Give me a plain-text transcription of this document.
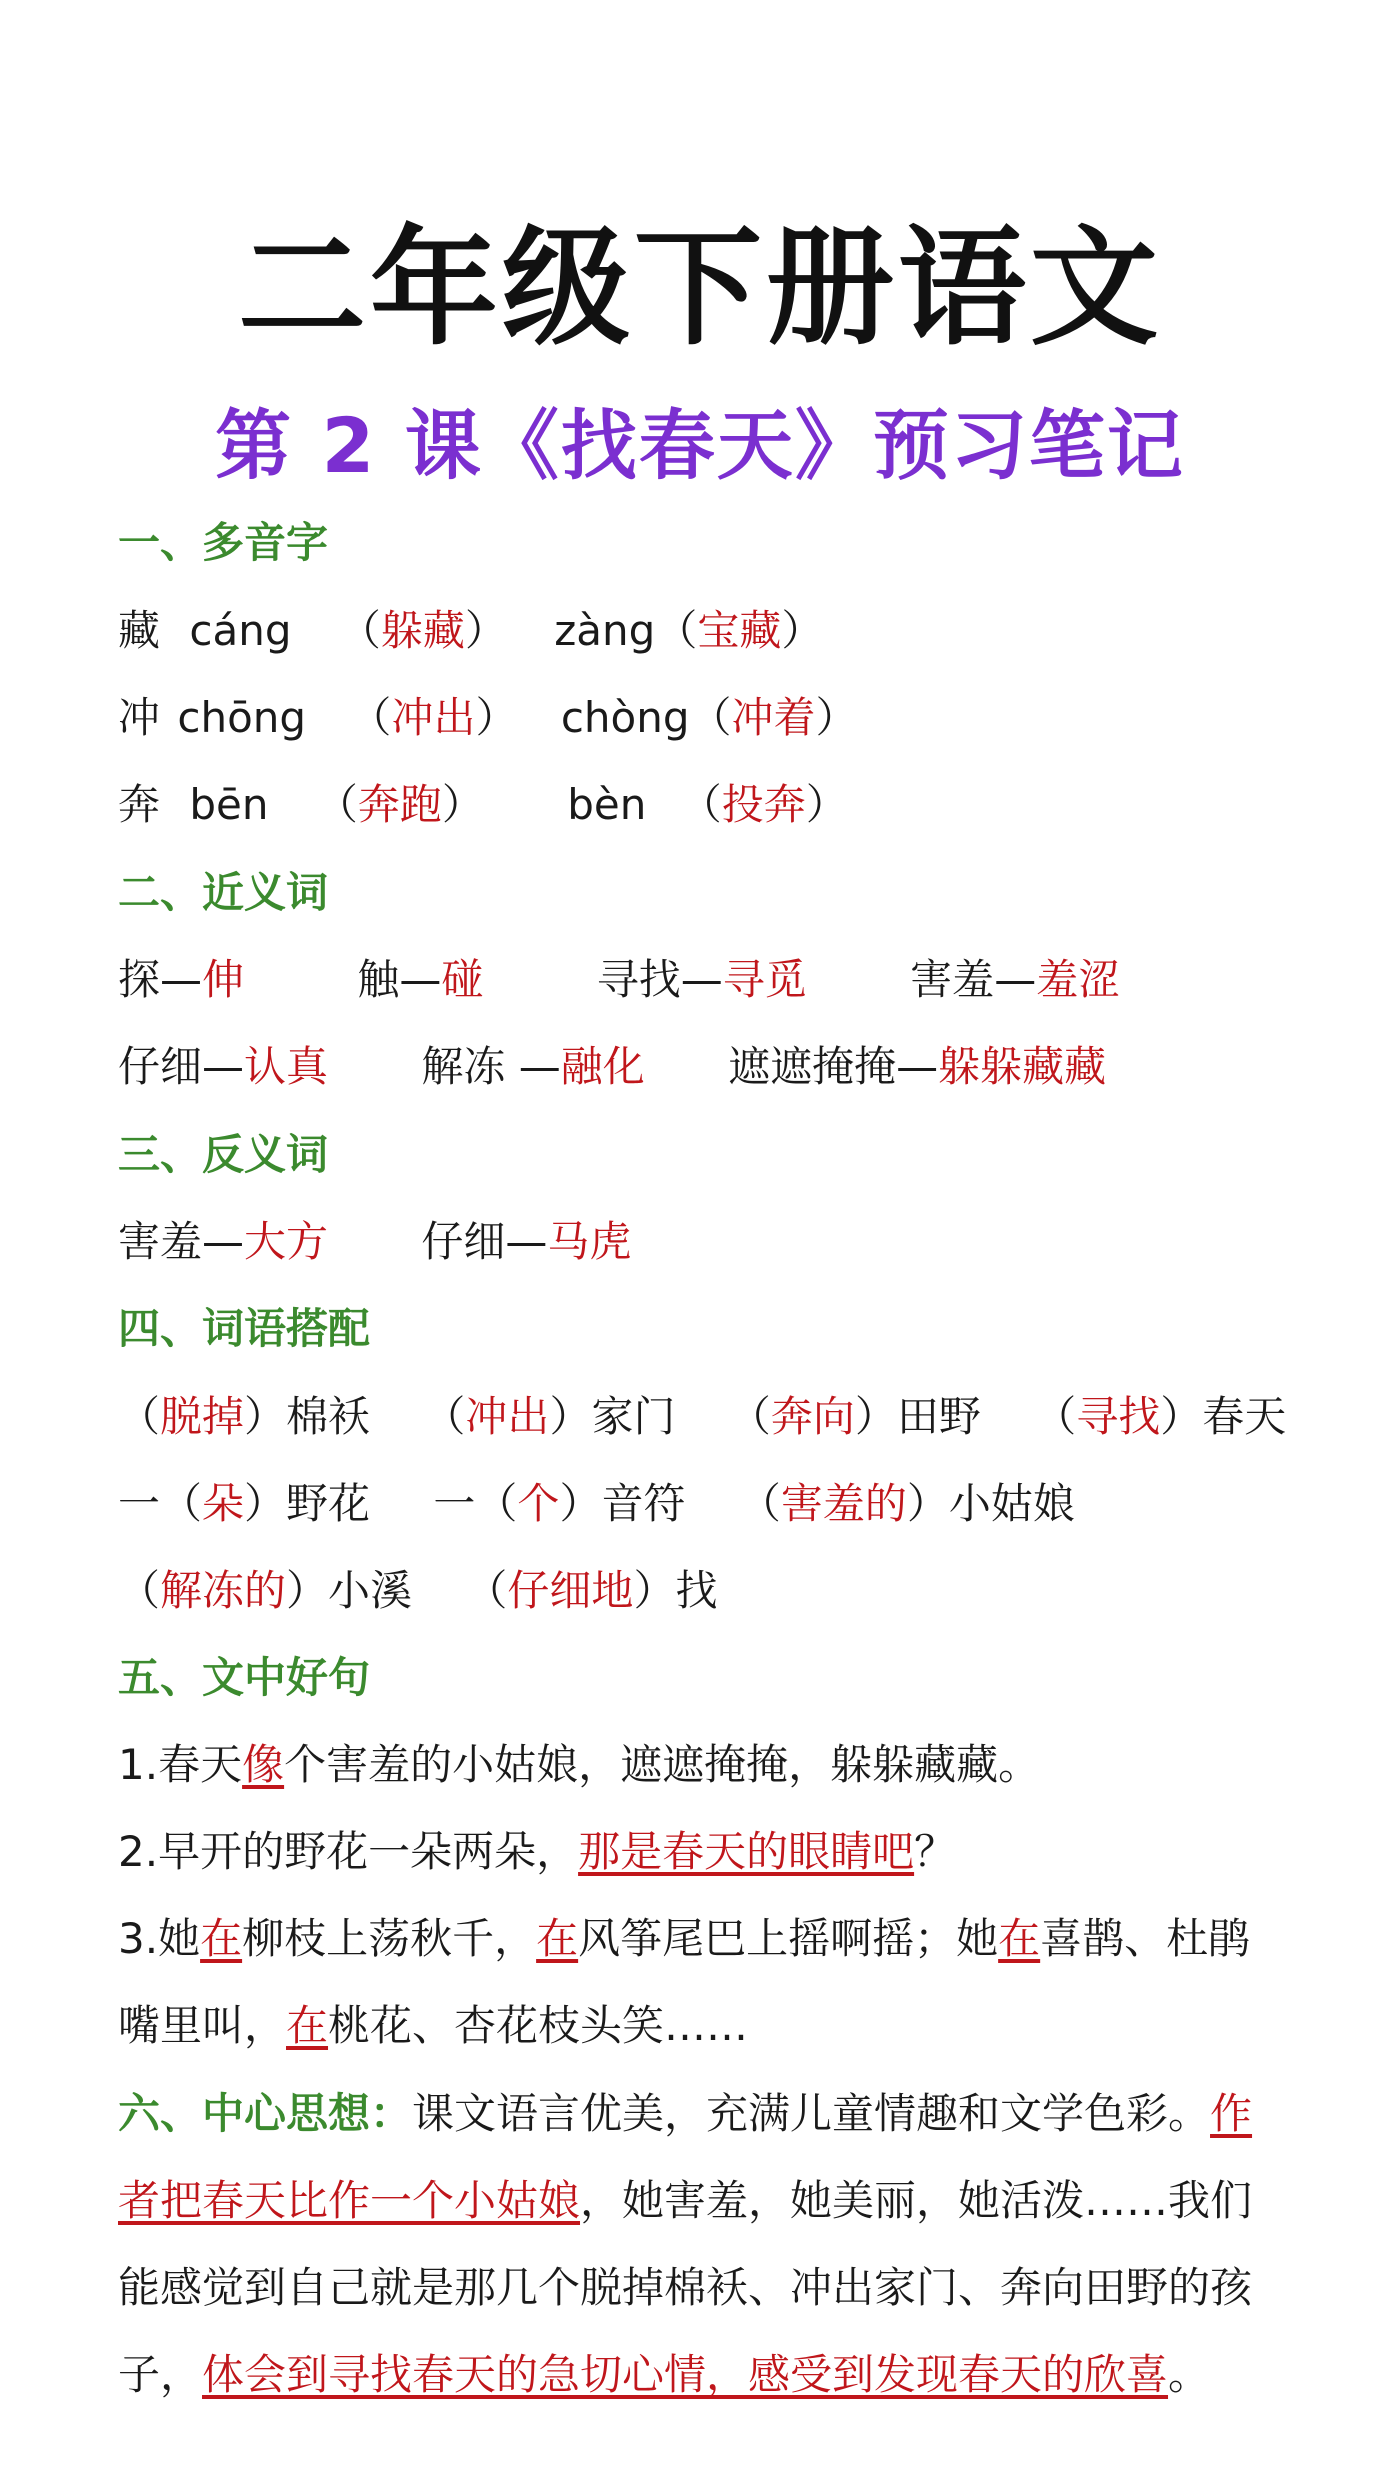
二年级下册语文
第 2 课《找春天》预习笔记
一、多音字
藏 cáng （躲藏） zàng（宝藏）
冲 chōng （冲出） chòng（冲着）
奔 bēn （奔跑） bèn （投奔）
二、近义词
探—伸	触—碰	寻找—寻觅 害羞—羞涩
仔细—认真 解冻 —融化 遮遮掩掩—躲躲藏藏
三、反义词
害羞—大方 仔细—马虎
四、词语搭配
（脱掉）棉袄 （冲出）家门 （奔向）田野 （寻找）春天
一（朵）野花 一（个）音符 （害羞的）小姑娘
（解冻的）小溪 （仔细地）找
五、文中好句
1.春天像个害羞的小姑娘，遮遮掩掩，躲躲藏藏。
2.早开的野花一朵两朵，那是春天的眼睛吧？
3.她在柳枝上荡秋千，在风筝尾巴上摇啊摇；她在喜鹊、杜鹃
嘴里叫，在桃花、杏花枝头笑……
六、中心思想：课文语言优美，充满儿童情趣和文学色彩。作
者把春天比作一个小姑娘，她害羞，她美丽，她活泼……我们
能感觉到自己就是那几个脱掉棉袄、冲出家门、奔向田野的孩
子，体会到寻找春天的急切心情，感受到发现春天的欣喜。
